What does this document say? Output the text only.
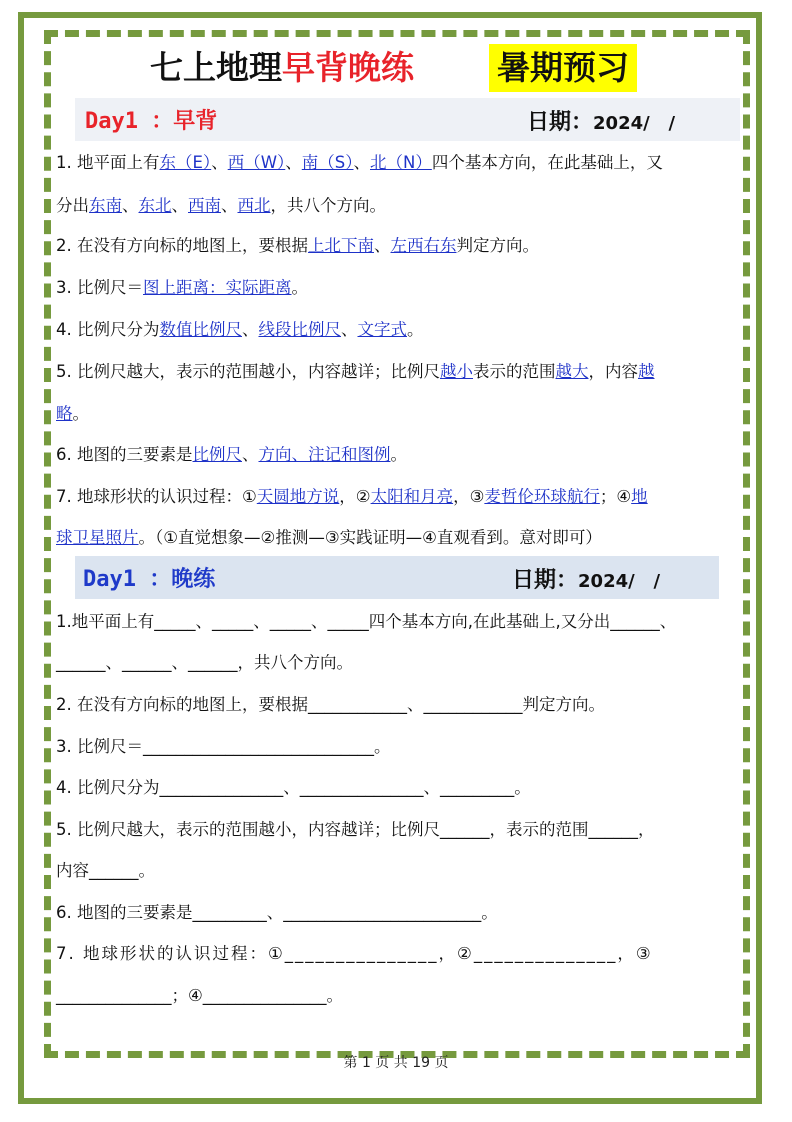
七上地理早背晚练	暑期预习
Day1 ：早背	日期：2024/   /
1. 地平面上有东（E）、西（W）、南（S）、北（N）四个基本方向，在此基础上，又
分出东南、东北、西南、西北，共八个方向。
2. 在没有方向标的地图上，要根据上北下南、左西右东判定方向。
3. 比例尺＝图上距离：实际距离。
4. 比例尺分为数值比例尺、线段比例尺、文字式。
5. 比例尺越大，表示的范围越小，内容越详；比例尺越小表示的范围越大，内容越
略。
6. 地图的三要素是比例尺、方向、注记和图例。
7. 地球形状的认识过程：①天圆地方说，②太阳和月亮，③麦哲伦环球航行；④地
球卫星照片。（①直觉想象—②推测—③实践证明—④直观看到。意对即可）
Day1 ：晚练	日期：2024/   /
1.地平面上有_____、_____、_____、_____四个基本方向,在此基础上,又分出______、
______、______、______，共八个方向。
2. 在没有方向标的地图上，要根据____________、____________判定方向。
3. 比例尺＝____________________________。
4. 比例尺分为_______________、_______________、_________。
5. 比例尺越大，表示的范围越小，内容越详；比例尺______，表示的范围______，
内容______。
6. 地图的三要素是_________、________________________。
7. 地球形状的认识过程：①_______________，②______________，③
______________；④_______________。
第 1 页 共 19 页
